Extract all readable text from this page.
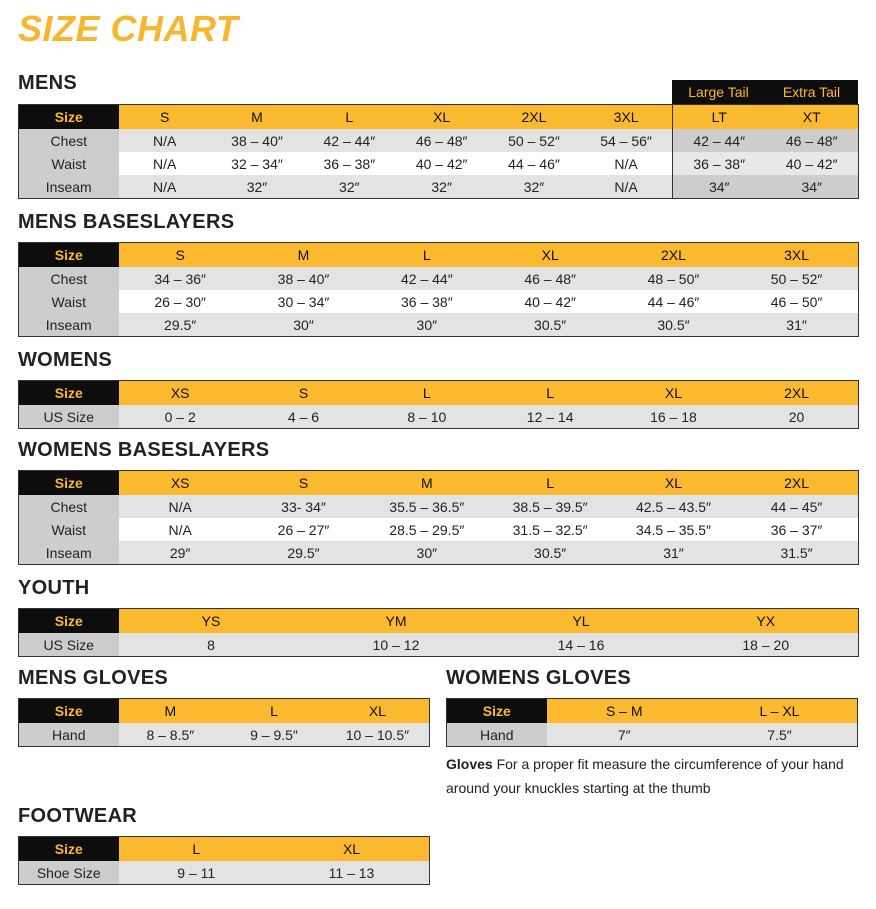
SIZE CHART
MENS	Large Tail	Extra Tail
Size	S	M	L	XL	2XL	3XL	LT	XT
Chest	N/A	38 – 40″	42 – 44″	46 – 48″	50 – 52″	54 – 56″	42 – 44″	46 – 48″
Waist	N/A	32 – 34″	36 – 38″	40 – 42″	44 – 46″	N/A	36 – 38″	40 – 42″
Inseam	N/A	32″	32″	32″	32″	N/A	34″	34″
MENS BASESLAYERS
Size	S	M	L	XL	2XL	3XL
Chest	34 – 36″	38 – 40″	42 – 44″	46 – 48″	48 – 50″	50 – 52″
Waist	26 – 30″	30 – 34″	36 – 38″	40 – 42″	44 – 46″	46 – 50″
Inseam	29.5″	30″	30″	30.5″	30.5″	31″
WOMENS
Size	XS	S	L	L	XL	2XL
US Size	0 – 2	4 – 6	8 – 10	12 – 14	16 – 18	20
WOMENS BASESLAYERS
Size	XS	S	M	L	XL	2XL
Chest	N/A	33- 34″	35.5 – 36.5″	38.5 – 39.5″	42.5 – 43.5″	44 – 45″
Waist	N/A	26 – 27″	28.5 – 29.5″	31.5 – 32.5″	34.5 – 35.5″	36 – 37″
Inseam	29″	29.5″	30″	30.5″	31″	31.5″
YOUTH
Size	YS	YM	YL	YX
US Size	8	10 – 12	14 – 16	18 – 20
MENS GLOVES
Size	M	L	XL
Hand	8 – 8.5″	9 – 9.5″	10 – 10.5″
WOMENS GLOVES
Size	S – M	L – XL
Hand	7″	7.5″
Gloves For a proper fit measure the circumference of your hand around your knuckles starting at the thumb
FOOTWEAR
Size	L	XL
Shoe Size	9 – 11	11 – 13
